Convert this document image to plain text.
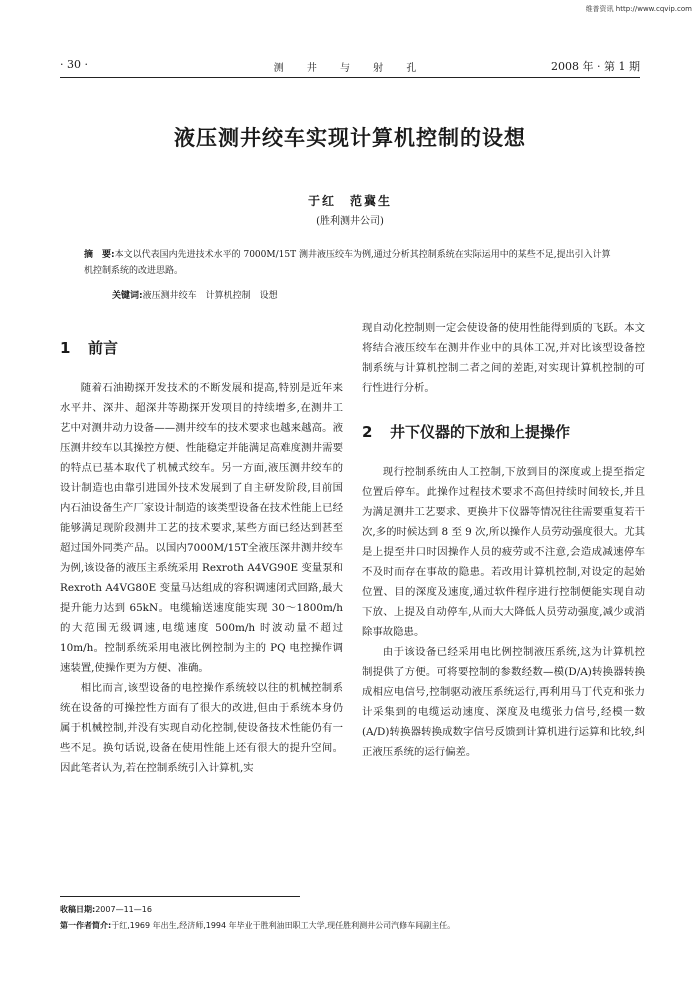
维普资讯 http://www.cqvip.com
· 30 ·	测 井 与 射 孔	2008 年 · 第 1 期
液压测井绞车实现计算机控制的设想
于红　范冀生
(胜利测井公司)
摘　要:本文以代表国内先进技术水平的 7000M/15T 测井液压绞车为例,通过分析其控制系统在实际运用中的某些不足,提出引入计算机控制系统的改进思路。
关键词:液压测井绞车　计算机控制　设想
1 前言

随着石油勘探开发技术的不断发展和提高,特别是近年来水平井、深井、超深井等勘探开发项目的持续增多,在测井工艺中对测井动力设备——测井绞车的技术要求也越来越高。液压测井绞车以其操控方便、性能稳定并能满足高难度测井需要的特点已基本取代了机械式绞车。另一方面,液压测井绞车的设计制造也由靠引进国外技术发展到了自主研发阶段,目前国内石油设备生产厂家设计制造的该类型设备在技术性能上已经能够满足现阶段测井工艺的技术要求,某些方面已经达到甚至超过国外同类产品。以国内7000M/15T全液压深井测井绞车为例,该设备的液压主系统采用 Rexroth A4VG90E 变量泵和 Rexroth A4VG80E 变量马达组成的容积调速闭式回路,最大提升能力达到 65kN。电缆输送速度能实现 30～1800m/h 的大范围无级调速,电缆速度 500m/h 时波动量不超过 10m/h。控制系统采用电液比例控制为主的 PQ 电控操作调速装置,使操作更为方便、准确。

相比而言,该型设备的电控操作系统较以往的机械控制系统在设备的可操控性方面有了很大的改进,但由于系统本身仍属于机械控制,并没有实现自动化控制,使设备技术性能仍有一些不足。换句话说,设备在使用性能上还有很大的提升空间。因此笔者认为,若在控制系统引入计算机,实

现自动化控制则一定会使设备的使用性能得到质的飞跃。本文将结合液压绞车在测井作业中的具体工况,并对比该型设备控制系统与计算机控制二者之间的差距,对实现计算机控制的可行性进行分析。

2 井下仪器的下放和上提操作

现行控制系统由人工控制,下放到目的深度或上提至指定位置后停车。此操作过程技术要求不高但持续时间较长,并且为满足测井工艺要求、更换井下仪器等情况往往需要重复若干次,多的时候达到 8 至 9 次,所以操作人员劳动强度很大。尤其是上提至井口时因操作人员的疲劳或不注意,会造成减速停车不及时而存在事故的隐患。若改用计算机控制,对设定的起始位置、目的深度及速度,通过软件程序进行控制便能实现自动下放、上提及自动停车,从而大大降低人员劳动强度,减少或消除事故隐患。

由于该设备已经采用电比例控制液压系统,这为计算机控制提供了方便。可将要控制的参数经数—模(D/A)转换器转换成相应电信号,控制驱动液压系统运行,再利用马丁代克和张力计采集到的电缆运动速度、深度及电缆张力信号,经模一数(A/D)转换器转换成数字信号反馈到计算机进行运算和比较,纠正液压系统的运行偏差。

收稿日期:2007—11—16
第一作者简介:于红,1969 年出生,经济师,1994 年毕业于胜利油田职工大学,现任胜利测井公司汽修车间副主任。
